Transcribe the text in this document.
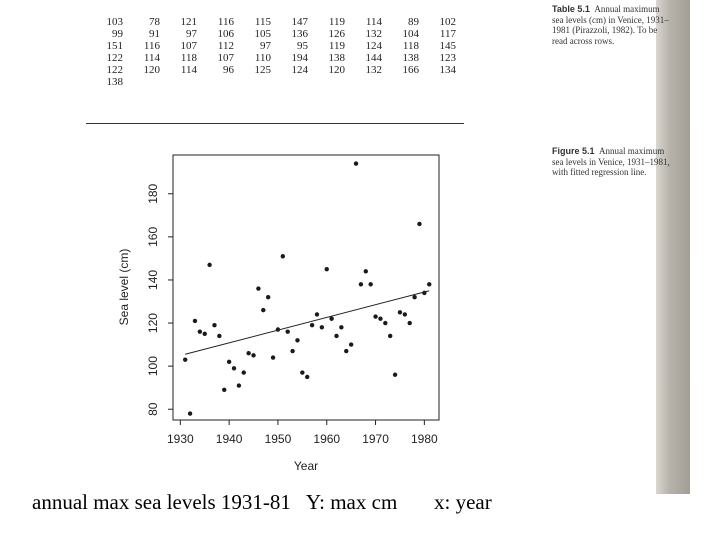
103	78	121	116	115	147	119	114	89	102
99	91	97	106	105	136	126	132	104	117
151	116	107	112	97	95	119	124	118	145
122	114	118	107	110	194	138	144	138	123
122	120	114	96	125	124	120	132	166	134
138									
Table 5.1 Annual maximum sea levels (cm) in Venice, 1931–1981 (Pirazzoli, 1982). To be read across rows.
Figure 5.1 Annual maximum sea levels in Venice, 1931–1981, with fitted regression line.
1930 1940 1950 1960 1970 1980
80
100
120
140
160
180
Year
Sea level (cm)
annual max sea levels 1931-81   Y: max cm       x: year
